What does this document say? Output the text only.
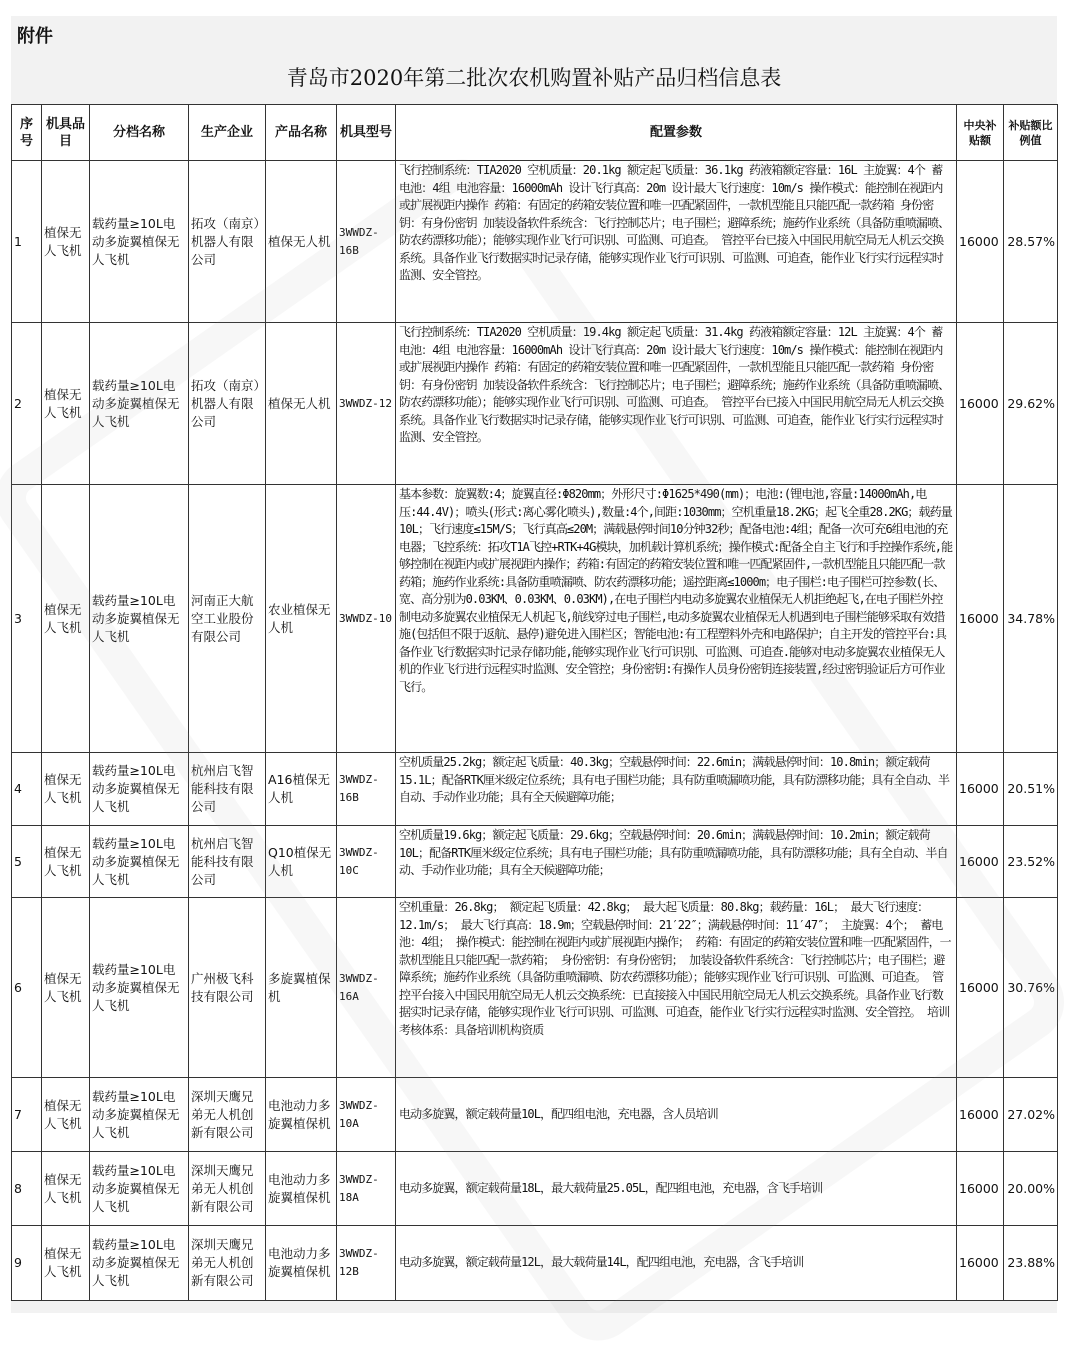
附件
青岛市2020年第二批次农机购置补贴产品归档信息表
序号	机具品目	分档名称	生产企业	产品名称	机具型号	配置参数	中央补贴额	补贴额比例值
1	植保无人飞机	载药量≥10L电动多旋翼植保无人飞机	拓攻（南京）机器人有限公司	植保无人机	3WWDZ-16B	飞行控制系统：TIA2020 空机质量：20.1kg 额定起飞质量：36.1kg 药液箱额定容量：16L 主旋翼：4个 蓄电池：4组 电池容量：16000mAh 设计飞行真高：20m 设计最大飞行速度：10m/s 操作模式：能控制在视距内或扩展视距内操作 药箱：有固定的药箱安装位置和唯一匹配紧固件，一款机型能且只能匹配一款药箱 身份密钥：有身份密钥 加装设备软件系统含：飞行控制芯片；电子围栏；避障系统；施药作业系统（具备防重喷漏喷、防农药漂移功能）；能够实现作业飞行可识别、可监测、可追查。 管控平台已接入中国民用航空局无人机云交换系统。具备作业飞行数据实时记录存储，能够实现作业飞行可识别、可监测、可追查，能作业飞行实行远程实时监测、安全管控。	16000	28.57%
2	植保无人飞机	载药量≥10L电动多旋翼植保无人飞机	拓攻（南京）机器人有限公司	植保无人机	3WWDZ-12	飞行控制系统：TIA2020 空机质量：19.4kg 额定起飞质量：31.4kg 药液箱额定容量：12L 主旋翼：4个 蓄电池：4组 电池容量：16000mAh 设计飞行真高：20m 设计最大飞行速度：10m/s 操作模式：能控制在视距内或扩展视距内操作 药箱：有固定的药箱安装位置和唯一匹配紧固件，一款机型能且只能匹配一款药箱 身份密钥：有身份密钥 加装设备软件系统含：飞行控制芯片；电子围栏；避障系统；施药作业系统（具备防重喷漏喷、防农药漂移功能）；能够实现作业飞行可识别、可监测、可追查。 管控平台已接入中国民用航空局无人机云交换系统。具备作业飞行数据实时记录存储，能够实现作业飞行可识别、可监测、可追查，能作业飞行实行远程实时监测、安全管控。	16000	29.62%
3	植保无人飞机	载药量≥10L电动多旋翼植保无人飞机	河南正大航空工业股份有限公司	农业植保无人机	3WWDZ-10	基本参数：旋翼数:4；旋翼直径:Φ820mm；外形尺寸:Φ1625*490(mm)；电池:(锂电池,容量:14000mAh,电压:44.4V)；喷头(形式:离心雾化喷头),数量:4个,间距:1030mm；空机重量18.2KG；起飞全重28.2KG；载药量10L；飞行速度≤15M/S；飞行真高≤20M；满载悬停时间10分钟32秒；配备电池:4组；配备一次可充6组电池的充电器；飞控系统：拓攻T1A飞控+RTK+4G模块，加机载计算机系统；操作模式:配备全自主飞行和手控操作系统,能够控制在视距内或扩展视距内操作；药箱:有固定的药箱安装位置和唯一匹配紧固件,一款机型能且只能匹配一款药箱；施药作业系统:具备防重喷漏喷、防农药漂移功能；遥控距离≤1000m；电子围栏:电子围栏可控参数(长、宽、高分别为0.03KM、0.03KM、0.03KM),在电子围栏内电动多旋翼农业植保无人机拒绝起飞,在电子围栏外控制电动多旋翼农业植保无人机起飞,航线穿过电子围栏,电动多旋翼农业植保无人机遇到电子围栏能够采取有效措施(包括但不限于返航、悬停)避免进入围栏区；智能电池:有工程塑料外壳和电路保护；自主开发的管控平台:具备作业飞行数据实时记录存储功能,能够实现作业飞行可识别、可监测、可追查.能够对电动多旋翼农业植保无人机的作业飞行进行远程实时监测、安全管控；身份密钥:有操作人员身份密钥连接装置,经过密钥验证后方可作业飞行。	16000	34.78%
4	植保无人飞机	载药量≥10L电动多旋翼植保无人飞机	杭州启飞智能科技有限公司	A16植保无人机	3WWDZ-16B	空机质量25.2kg；额定起飞质量：40.3kg；空载悬停时间：22.6min；满载悬停时间：10.8min；额定载荷15.1L；配备RTK厘米级定位系统；具有电子围栏功能；具有防重喷漏喷功能，具有防漂移功能；具有全自动、半自动、手动作业功能；具有全天候避障功能；	16000	20.51%
5	植保无人飞机	载药量≥10L电动多旋翼植保无人飞机	杭州启飞智能科技有限公司	Q10植保无人机	3WWDZ-10C	空机质量19.6kg；额定起飞质量：29.6kg；空载悬停时间：20.6min；满载悬停时间：10.2min；额定载荷10L；配备RTK厘米级定位系统；具有电子围栏功能；具有防重喷漏喷功能，具有防漂移功能；具有全自动、半自动、手动作业功能；具有全天候避障功能；	16000	23.52%
6	植保无人飞机	载药量≥10L电动多旋翼植保无人飞机	广州极飞科技有限公司	多旋翼植保机	3WWDZ-16A	空机重量：26.8kg； 额定起飞质量：42.8kg； 最大起飞质量：80.8kg；载药量：16L； 最大飞行速度：12.1m/s； 最大飞行真高：18.9m；空载悬停时间：21′22″；满载悬停时间：11′47″； 主旋翼：4个； 蓄电池：4组； 操作模式：能控制在视距内或扩展视距内操作； 药箱：有固定的药箱安装位置和唯一匹配紧固件，一款机型能且只能匹配一款药箱； 身份密钥：有身份密钥； 加装设备软件系统含：飞行控制芯片；电子围栏；避障系统；施药作业系统（具备防重喷漏喷、防农药漂移功能）；能够实现作业飞行可识别、可监测、可追查。 管控平台接入中国民用航空局无人机云交换系统：已直接接入中国民用航空局无人机云交换系统。具备作业飞行数据实时记录存储，能够实现作业飞行可识别、可监测、可追查，能作业飞行实行远程实时监测、安全管控。 培训考核体系：具备培训机构资质	16000	30.76%
7	植保无人飞机	载药量≥10L电动多旋翼植保无人飞机	深圳天鹰兄弟无人机创新有限公司	电池动力多旋翼植保机	3WWDZ-10A	电动多旋翼，额定载荷量10L，配四组电池，充电器，含人员培训	16000	27.02%
8	植保无人飞机	载药量≥10L电动多旋翼植保无人飞机	深圳天鹰兄弟无人机创新有限公司	电池动力多旋翼植保机	3WWDZ-18A	电动多旋翼，额定载荷量18L，最大载荷量25.05L，配四组电池，充电器，含飞手培训	16000	20.00%
9	植保无人飞机	载药量≥10L电动多旋翼植保无人飞机	深圳天鹰兄弟无人机创新有限公司	电池动力多旋翼植保机	3WWDZ-12B	电动多旋翼，额定载荷量12L，最大载荷量14L，配四组电池，充电器，含飞手培训	16000	23.88%
